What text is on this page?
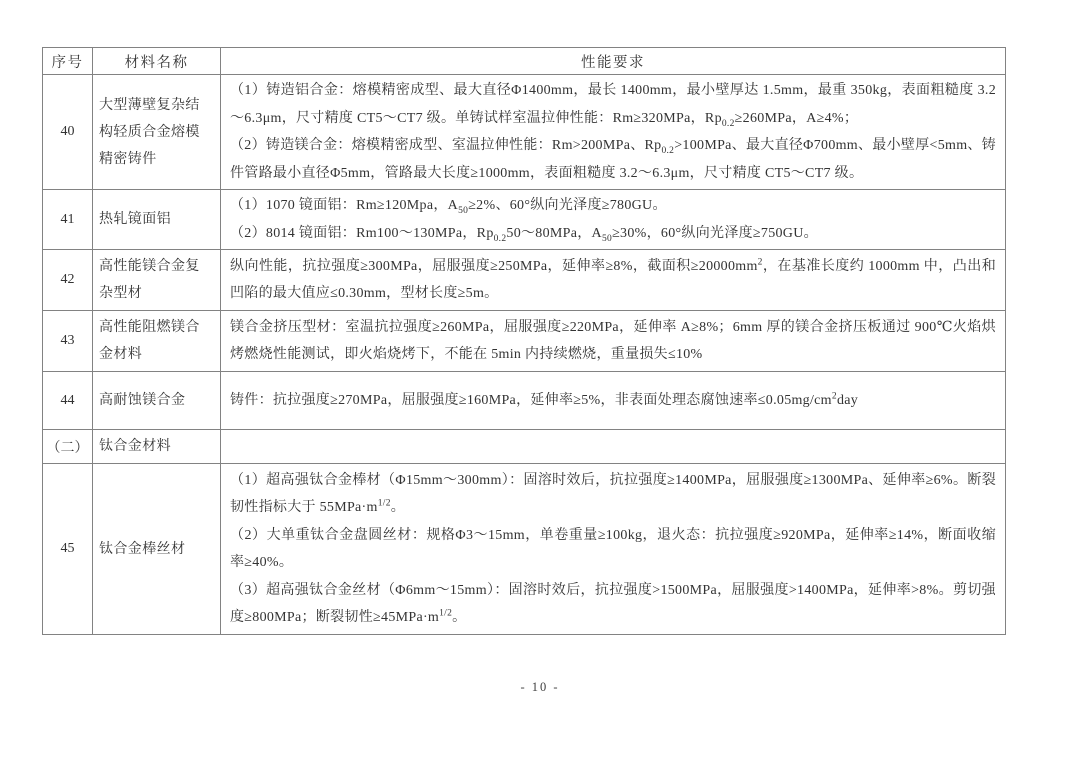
序号	材料名称	性能要求
40	大型薄壁复杂结构轻质合金熔模精密铸件	（1）铸造铝合金：熔模精密成型、最大直径Φ1400mm，最长 1400mm，最小壁厚达 1.5mm，最重 350kg，表面粗糙度 3.2～6.3μm，尺寸精度 CT5～CT7 级。单铸试样室温拉伸性能：Rm≥320MPa，$Rp_{0.2}\ge 260MPa$，A≥4%；

（2）铸造镁合金：熔模精密成型、室温拉伸性能：Rm>200MPa、$Rp_{0.2}>100MPa$、最大直径Φ700mm、最小壁厚<5mm、铸件管路最小直径Φ5mm，管路最大长度≥1000mm，表面粗糙度 3.2～6.3μm，尺寸精度 CT5～CT7 级。

41	热轧镜面铝	（1）1070 镜面铝：Rm≥120Mpa，$A_{50}\ge 2\%$、60°纵向光泽度≥780GU。

（2）8014 镜面铝：Rm100～130MPa，$Rp_{0.2}50\sim 80MPa$，$A_{50}\ge 30\%$，60°纵向光泽度≥750GU。

42	高性能镁合金复杂型材	纵向性能，抗拉强度≥300MPa，屈服强度≥250MPa，延伸率≥8%，截面积$\ge 20000mm^2$，在基准长度约 1000mm 中，凸出和凹陷的最大值应≤0.30mm，型材长度≥5m。

43	高性能阻燃镁合金材料	镁合金挤压型材：室温抗拉强度≥260MPa，屈服强度≥220MPa，延伸率 A≥8%；6mm 厚的镁合金挤压板通过 900℃火焰烘烤燃烧性能测试，即火焰烧烤下，不能在 5min 内持续燃烧，重量损失≤10%

44	高耐蚀镁合金	铸件：抗拉强度≥270MPa，屈服强度≥160MPa，延伸率≥5%，非表面处理态腐蚀速率$\le 0.05mg/cm^2day$

（二）	钛合金材料	
45	钛合金棒丝材	（1）超高强钛合金棒材（Φ15mm～300mm）：固溶时效后，抗拉强度≥1400MPa，屈服强度≥1300MPa、延伸率≥6%。断裂韧性指标大于 $55MPa\cdot m^{1/2}$。

（2）大单重钛合金盘圆丝材：规格Φ3～15mm，单卷重量≥100kg，退火态：抗拉强度≥920MPa，延伸率≥14%，断面收缩率≥40%。

（3）超高强钛合金丝材（Φ6mm～15mm）：固溶时效后，抗拉强度>1500MPa，屈服强度>1400MPa，延伸率>8%。剪切强度≥800MPa；断裂韧性$\ge 45MPa\cdot m^{1/2}$。

- 10 -
